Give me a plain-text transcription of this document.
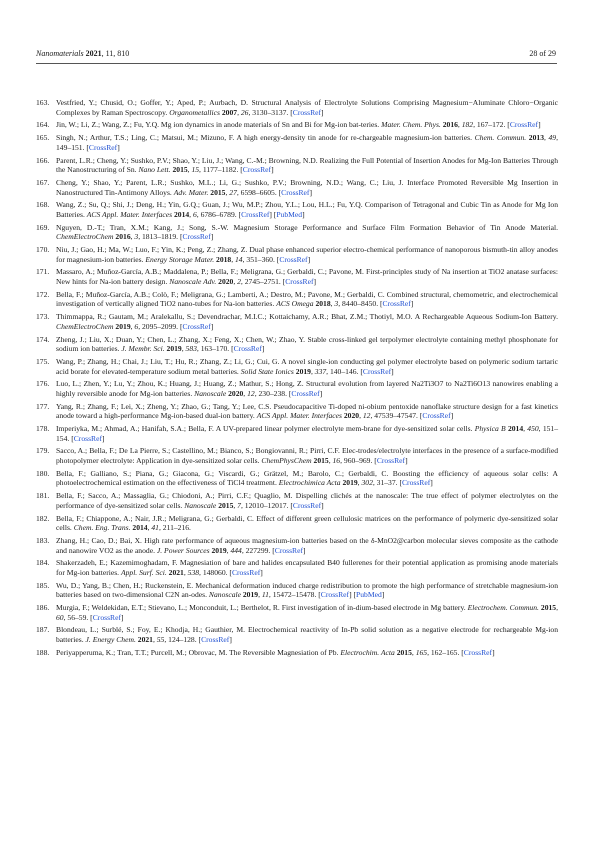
Nanomaterials 2021, 11, 810	28 of 29
163. Vestfried, Y.; Chusid, O.; Goffer, Y.; Aped, P.; Aurbach, D. Structural Analysis of Electrolyte Solutions Comprising Magnesium−Aluminate Chloro−Organic Complexes by Raman Spectroscopy. Organometallics 2007, 26, 3130–3137. [CrossRef]
164. Jin, W.; Li, Z.; Wang, Z.; Fu, Y.Q. Mg ion dynamics in anode materials of Sn and Bi for Mg-ion bat-teries. Mater. Chem. Phys. 2016, 182, 167–172. [CrossRef]
165. Singh, N.; Arthur, T.S.; Ling, C.; Matsui, M.; Mizuno, F. A high energy-density tin anode for re-chargeable magnesium-ion batteries. Chem. Commun. 2013, 49, 149–151. [CrossRef]
166. Parent, L.R.; Cheng, Y.; Sushko, P.V.; Shao, Y.; Liu, J.; Wang, C.-M.; Browning, N.D. Realizing the Full Potential of Insertion Anodes for Mg-Ion Batteries Through the Nanostructuring of Sn. Nano Lett. 2015, 15, 1177–1182. [CrossRef]
167. Cheng, Y.; Shao, Y.; Parent, L.R.; Sushko, M.L.; Li, G.; Sushko, P.V.; Browning, N.D.; Wang, C.; Liu, J. Interface Promoted Reversible Mg Insertion in Nanostructured Tin-Antimony Alloys. Adv. Mater. 2015, 27, 6598–6605. [CrossRef]
168. Wang, Z.; Su, Q.; Shi, J.; Deng, H.; Yin, G.Q.; Guan, J.; Wu, M.P.; Zhou, Y.L.; Lou, H.L.; Fu, Y.Q. Comparison of Tetragonal and Cubic Tin as Anode for Mg Ion Batteries. ACS Appl. Mater. Interfaces 2014, 6, 6786–6789. [CrossRef] [PubMed]
169. Nguyen, D.-T.; Tran, X.M.; Kang, J.; Song, S.-W. Magnesium Storage Performance and Surface Film Formation Behavior of Tin Anode Material. ChemElectroChem 2016, 3, 1813–1819. [CrossRef]
170. Niu, J.; Gao, H.; Ma, W.; Luo, F.; Yin, K.; Peng, Z.; Zhang, Z. Dual phase enhanced superior electro-chemical performance of nanoporous bismuth-tin alloy anodes for magnesium-ion batteries. Energy Storage Mater. 2018, 14, 351–360. [CrossRef]
171. Massaro, A.; Muñoz-García, A.B.; Maddalena, P.; Bella, F.; Meligrana, G.; Gerbaldi, C.; Pavone, M. First-principles study of Na insertion at TiO2 anatase surfaces: New hints for Na-ion battery design. Nanoscale Adv. 2020, 2, 2745–2751. [CrossRef]
172. Bella, F.; Muñoz-García, A.B.; Colò, F.; Meligrana, G.; Lamberti, A.; Destro, M.; Pavone, M.; Gerbaldi, C. Combined structural, chemometric, and electrochemical investigation of vertically aligned TiO2 nano-tubes for Na-ion batteries. ACS Omega 2018, 3, 8440–8450. [CrossRef]
173. Thimmappa, R.; Gautam, M.; Aralekallu, S.; Devendrachar, M.I.C.; Kottaichamy, A.R.; Bhat, Z.M.; Thotiyl, M.O. A Rechargeable Aqueous Sodium-Ion Battery. ChemElectroChem 2019, 6, 2095–2099. [CrossRef]
174. Zheng, J.; Liu, X.; Duan, Y.; Chen, L.; Zhang, X.; Feng, X.; Chen, W.; Zhao, Y. Stable cross-linked gel terpolymer electrolyte containing methyl phosphonate for sodium ion batteries. J. Membr. Sci. 2019, 583, 163–170. [CrossRef]
175. Wang, P.; Zhang, H.; Chai, J.; Liu, T.; Hu, R.; Zhang, Z.; Li, G.; Cui, G. A novel single-ion conducting gel polymer electrolyte based on polymeric sodium tartaric acid borate for elevated-temperature sodium metal batteries. Solid State Ionics 2019, 337, 140–146. [CrossRef]
176. Luo, L.; Zhen, Y.; Lu, Y.; Zhou, K.; Huang, J.; Huang, Z.; Mathur, S.; Hong, Z. Structural evolution from layered Na2Ti3O7 to Na2Ti6O13 nanowires enabling a highly reversible anode for Mg-ion batteries. Nanoscale 2020, 12, 230–238. [CrossRef]
177. Yang, R.; Zhang, F.; Lei, X.; Zheng, Y.; Zhao, G.; Tang, Y.; Lee, C.S. Pseudocapacitive Ti-doped ni-obium pentoxide nanoflake structure design for a fast kinetics anode toward a high-performance Mg-ion-based dual-ion battery. ACS Appl. Mater. Interfaces 2020, 12, 47539–47547. [CrossRef]
178. Imperiyka, M.; Ahmad, A.; Hanifah, S.A.; Bella, F. A UV-prepared linear polymer electrolyte mem-brane for dye-sensitized solar cells. Physica B 2014, 450, 151–154. [CrossRef]
179. Sacco, A.; Bella, F.; De La Pierre, S.; Castellino, M.; Bianco, S.; Bongiovanni, R.; Pirri, C.F. Elec-trodes/electrolyte interfaces in the presence of a surface-modified photopolymer electrolyte: Application in dye-sensitized solar cells. ChemPhysChem 2015, 16, 960–969. [CrossRef]
180. Bella, F.; Galliano, S.; Piana, G.; Giacona, G.; Viscardi, G.; Grätzel, M.; Barolo, C.; Gerbaldi, C. Boosting the efficiency of aqueous solar cells: A photoelectrochemical estimation on the effectiveness of TiCl4 treatment. Electrochimica Acta 2019, 302, 31–37. [CrossRef]
181. Bella, F.; Sacco, A.; Massaglia, G.; Chiodoni, A.; Pirri, C.F.; Quaglio, M. Dispelling clichés at the nanoscale: The true effect of polymer electrolytes on the performance of dye-sensitized solar cells. Nanoscale 2015, 7, 12010–12017. [CrossRef]
182. Bella, F.; Chiappone, A.; Nair, J.R.; Meligrana, G.; Gerbaldi, C. Effect of different green cellulosic matrices on the performance of polymeric dye-sensitized solar cells. Chem. Eng. Trans. 2014, 41, 211–216.
183. Zhang, H.; Cao, D.; Bai, X. High rate performance of aqueous magnesium-ion batteries based on the δ-MnO2@carbon molecular sieves composite as the cathode and nanowire VO2 as the anode. J. Power Sources 2019, 444, 227299. [CrossRef]
184. Shakerzadeh, E.; Kazemimoghadam, F. Magnesiation of bare and halides encapsulated B40 fullerenes for their potential application as promising anode materials for Mg-ion batteries. Appl. Surf. Sci. 2021, 538, 148060. [CrossRef]
185. Wu, D.; Yang, B.; Chen, H.; Ruckenstein, E. Mechanical deformation induced charge redistribution to promote the high performance of stretchable magnesium-ion batteries based on two-dimensional C2N an-odes. Nanoscale 2019, 11, 15472–15478. [CrossRef] [PubMed]
186. Murgia, F.; Weldekidan, E.T.; Stievano, L.; Monconduit, L.; Berthelot, R. First investigation of in-dium-based electrode in Mg battery. Electrochem. Commun. 2015, 60, 56–59. [CrossRef]
187. Blondeau, L.; Surblé, S.; Foy, E.; Khodja, H.; Gauthier, M. Electrochemical reactivity of In-Pb solid solution as a negative electrode for rechargeable Mg-ion batteries. J. Energy Chem. 2021, 55, 124–128. [CrossRef]
188. Periyapperuma, K.; Tran, T.T.; Purcell, M.; Obrovac, M. The Reversible Magnesiation of Pb. Electrochim. Acta 2015, 165, 162–165. [CrossRef]
